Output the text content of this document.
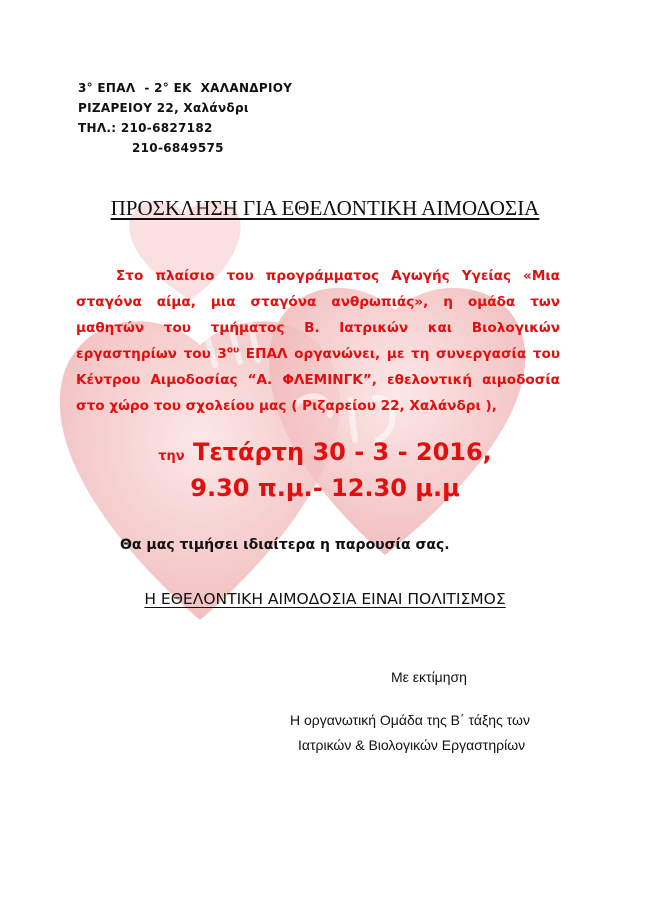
3° ΕΠΑΛ  - 2° ΕΚ  ΧΑΛΑΝΔΡΙΟΥ
ΡΙΖΑΡΕΙΟΥ 22, Χαλάνδρι
ΤΗΛ.: 210-6827182
210-6849575
ΠΡΟΣΚΛΗΣΗ ΓΙΑ ΕΘΕΛΟΝΤΙΚΗ ΑΙΜΟΔΟΣΙΑ
Στο πλαίσιο του προγράμματος Αγωγής Υγείας «Μια σταγόνα αίμα, μια σταγόνα ανθρωπιάς», η ομάδα των μαθητών του τμήματος Β. Ιατρικών και Βιολογικών εργαστηρίων του $3^{o\upsilon}$ ΕΠΑΛ οργανώνει, με τη συνεργασία του Κέντρου Αιμοδοσίας “Α. ΦΛΕΜΙΝΓΚ”, εθελοντική αιμοδοσία στο χώρο του σχολείου μας ( Ριζαρείου 22, Χαλάνδρι ),
την Τετάρτη 30 - 3 - 2016,
9.30 π.μ.- 12.30 μ.μ
Θα μας τιμήσει ιδιαίτερα η παρουσία σας.
Η ΕΘΕΛΟΝΤΙΚΗ ΑΙΜΟΔΟΣΙΑ ΕΙΝΑΙ ΠΟΛΙΤΙΣΜΟΣ
Με εκτίμηση
Η οργανωτική Ομάδα της Β΄ τάξης των
Ιατρικών & Βιολογικών Εργαστηρίων
